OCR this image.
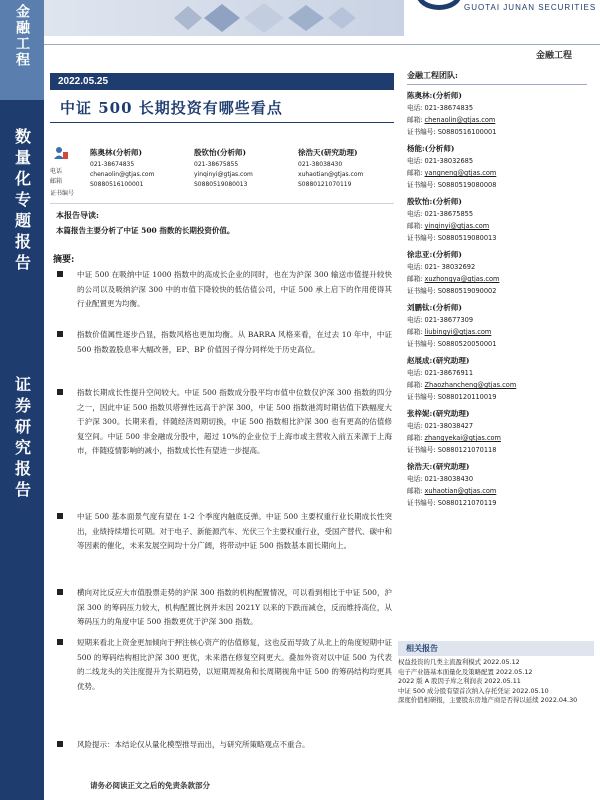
金融工程
数量化专题报告
证券研究报告
GUOTAI JUNAN SECURITIES
金融工程
2022.05.25
中证 500 长期投资有哪些看点
电话
邮箱
证书编号
陈奥林(分析师)
021-38674835
chenaolin@gtjas.com
S0880516100001
殷钦怡(分析师)
021-38675855
yinqinyi@gtjas.com
S0880519080013
徐浩天(研究助理)
021-38038430
xuhaotian@gtjas.com
S0880121070119
本报告导读:
本篇报告主要分析了中证 500 指数的长期投资价值。
摘要:
中证 500 在吸纳中证 1000 指数中的高成长企业的同时，也在为沪深 300 输送市值提升较快的公司以及吸纳沪深 300 中的市值下降较快的低估值公司，中证 500 承上启下的作用使得其行业配置更为均衡。
指数价值属性逐步凸显，指数风格也更加均衡。从 BARRA 风格来看，在过去 10 年中，中证 500 指数盈股息率大幅改善，EP、BP 价值因子得分同样处于历史高位。
指数长期成长性提升空间较大。中证 500 指数成分股平均市值中位数仅沪深 300 指数的四分之一，因此中证 500 指数贝塔弹性远高于沪深 300，中证 500 指数港湾时期估值下跌幅度大于沪深 300。长期来看，伴随经济周期切换，中证 500 指数相比沪深 300 也有更高的估值修复空间。中证 500 非金融成分股中，超过 10%的企业位于上海市或主营收入前五来源于上海市，伴随疫情影响的减小，指数成长性有望进一步提高。
中证 500 基本面景气度有望在 1-2 个季度内触底反弹。中证 500 主要权重行业长期成长性突出，业绩持续增长可期。对于电子、新能源汽车、光伏三个主要权重行业，受国产替代、碳中和等因素的催化，未来发展空间均十分广阔，将带动中证 500 指数基本面长期向上。
横向对比反应大市值股票走势的沪深 300 指数的机构配置情况，可以看到相比于中证 500，沪深 300 的筹码压力较大，机构配置比例并未因 2021Y 以来的下跌而减仓，反而维持高位，从筹码压力的角度中证 500 指数更优于沪深 300 指数。
短期来看北上资金更加倾向于押注核心资产的估值修复，这也反而导致了从北上的角度短期中证 500 的筹码结构相比沪深 300 更优，未来潜在修复空间更大。叠加外资对以中证 500 为代表的二线龙头的关注度提升为长期趋势，以短期周视角和长周期视角中证 500 的筹码结构均更具优势。
风险提示：本结论仅从量化模型推导而出，与研究所策略观点不重合。
请务必阅读正文之后的免责条款部分
金融工程团队:
陈奥林:(分析师)
电话: 021-38674835
邮箱: chenaolin@gtjas.com
证书编号: S0880516100001
杨能:(分析师)
电话: 021-38032685
邮箱: yangneng@gtjas.com
证书编号: S0880519080008
殷钦怡:(分析师)
电话: 021-38675855
邮箱: yinqinyi@gtjas.com
证书编号: S0880519080013
徐忠亚:(分析师)
电话: 021- 38032692
邮箱: xuzhongya@gtjas.com
证书编号: S0880519090002
刘鹏钛:(分析师)
电话: 021-38677309
邮箱: liubingyi@gtjas.com
证书编号: S0880520050001
赵展成:(研究助理)
电话: 021-38676911
邮箱: Zhaozhancheng@gtjas.com
证书编号: S0880120110019
张梓妮:(研究助理)
电话: 021-38038427
邮箱: zhangyekai@gtjas.com
证书编号: S0880121070118
徐浩天:(研究助理)
电话: 021-38038430
邮箱: xuhaotian@gtjas.com
证书编号: S0880121070119
相关报告
权益投资的几类主流盈利模式 2022.05.12
电子产业链基本面量化及策略配置 2022.05.12
2022 版 A 股因子库之利润表 2022.05.11
中证 500 成分股有望首次纳入存托凭证 2022.05.10
深度价值相研报，主要股东房地产商是否得以延续 2022.04.30
